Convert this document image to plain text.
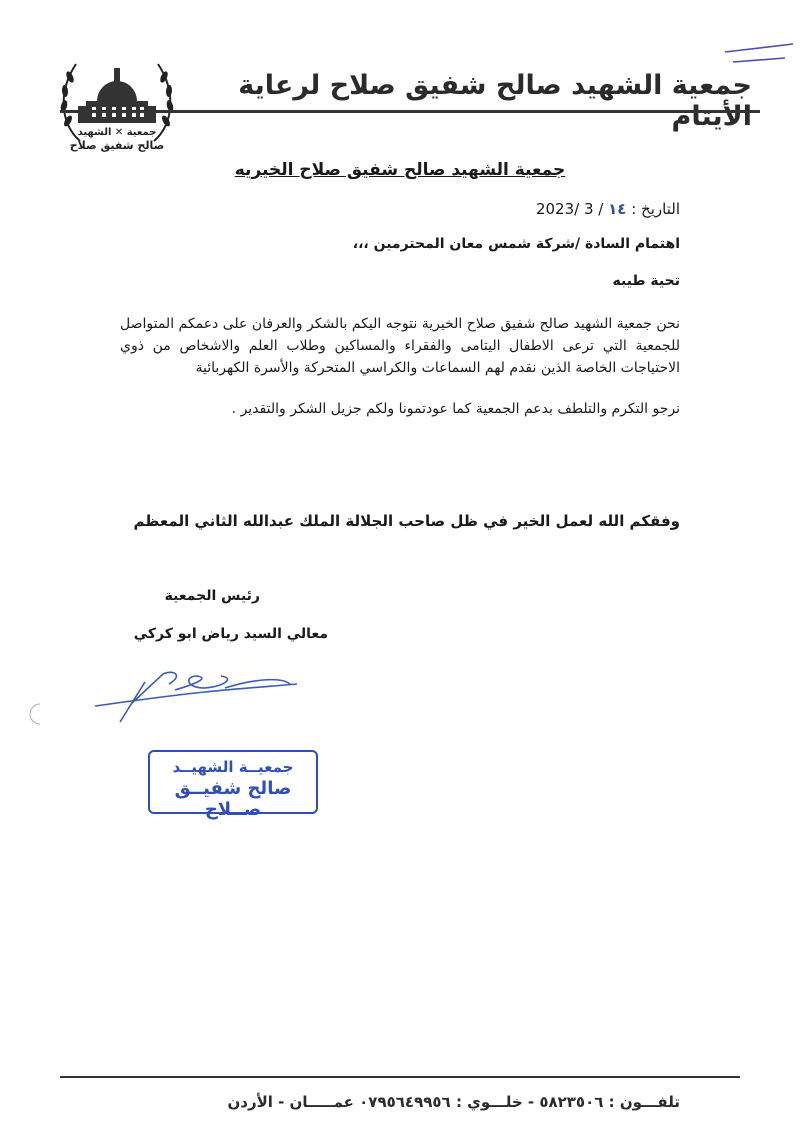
جمعية ✕ الشهيد
صالح شفيق صلاح
جمعية الشهيد صالح شفيق صلاح لرعاية الأيتام
جمعية الشهيد صالح شفيق صلاح الخيريه
التاريخ : ١٤ / 3 /2023
اهتمام السادة /شركة شمس معان المحترمين ،،،
تحية طيبه
نحن جمعية الشهيد صالح شفيق صلاح الخيرية نتوجه اليكم بالشكر والعرفان على دعمكم المتواصل للجمعية التي ترعى الاطفال اليتامى والفقراء والمساكين وطلاب العلم والاشخاص من ذوي الاحتياجات الخاصة الذين نقدم لهم السماعات والكراسي المتحركة والأسرة الكهربائية
نرجو التكرم والتلطف بدعم الجمعية كما عودتمونا ولكم جزيل الشكر والتقدير .
وفقكم الله لعمل الخير في ظل صاحب الجلالة الملك عبدالله الثاني المعظم
رئيس الجمعية
معالي السيد رياض ابو كركي
جمعيــة الشهيــد
صالح شفيــق صــلاح
تلفـــون : ٥٨٢٣٥٠٦ - خلـــوي : ٠٧٩٥٦٤٩٩٥٦ عمـــــان - الأردن
